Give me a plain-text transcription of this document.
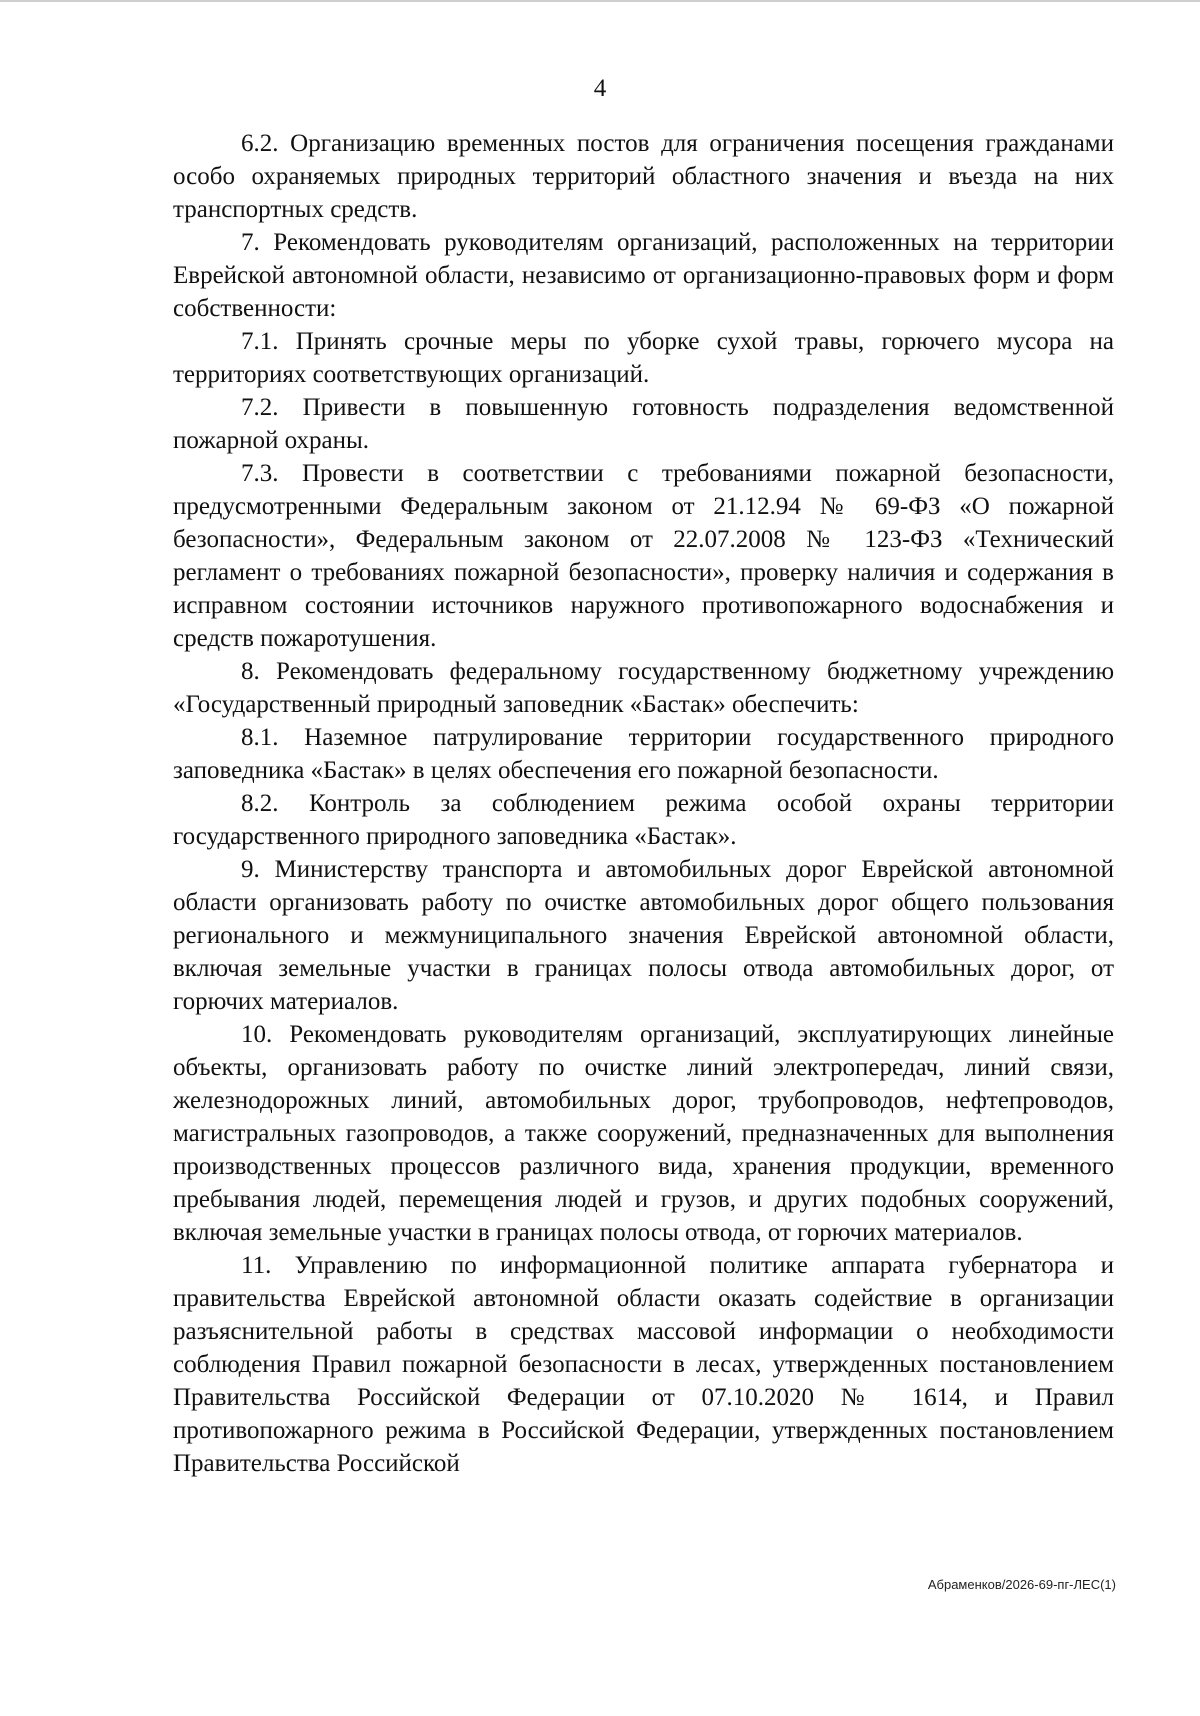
4

6.2. Организацию временных постов для ограничения посещения гражданами особо охраняемых природных территорий областного значения и въезда на них транспортных средств.

7. Рекомендовать руководителям организаций, расположенных на территории Еврейской автономной области, независимо от организационно-правовых форм и форм собственности:

7.1. Принять срочные меры по уборке сухой травы, горючего мусора на территориях соответствующих организаций.

7.2. Привести в повышенную готовность подразделения ведомственной пожарной охраны.

7.3. Провести в соответствии с требованиями пожарной безопасности, предусмотренными Федеральным законом от 21.12.94 № 69-ФЗ «О пожарной безопасности», Федеральным законом от 22.07.2008 № 123-ФЗ «Технический регламент о требованиях пожарной безопасности», проверку наличия и содержания в исправном состоянии источников наружного противопожарного водоснабжения и средств пожаротушения.

8. Рекомендовать федеральному государственному бюджетному учреждению «Государственный природный заповедник «Бастак» обеспечить:

8.1. Наземное патрулирование территории государственного природного заповедника «Бастак» в целях обеспечения его пожарной безопасности.

8.2. Контроль за соблюдением режима особой охраны территории государственного природного заповедника «Бастак».

9. Министерству транспорта и автомобильных дорог Еврейской автономной области организовать работу по очистке автомобильных дорог общего пользования регионального и межмуниципального значения Еврейской автономной области, включая земельные участки в границах полосы отвода автомобильных дорог, от горючих материалов.

10. Рекомендовать руководителям организаций, эксплуатирующих линейные объекты, организовать работу по очистке линий электропередач, линий связи, железнодорожных линий, автомобильных дорог, трубопроводов, нефтепроводов, магистральных газопроводов, а также сооружений, предназначенных для выполнения производственных процессов различного вида, хранения продукции, временного пребывания людей, перемещения людей и грузов, и других подобных сооружений, включая земельные участки в границах полосы отвода, от горючих материалов.

11. Управлению по информационной политике аппарата губернатора и правительства Еврейской автономной области оказать содействие в организации разъяснительной работы в средствах массовой информации о необходимости соблюдения Правил пожарной безопасности в лесах, утвержденных постановлением Правительства Российской Федерации от 07.10.2020 № 1614, и Правил противопожарного режима в Российской Федерации, утвержденных постановлением Правительства Российской

Абраменков/2026-69-пг-ЛЕС(1)
